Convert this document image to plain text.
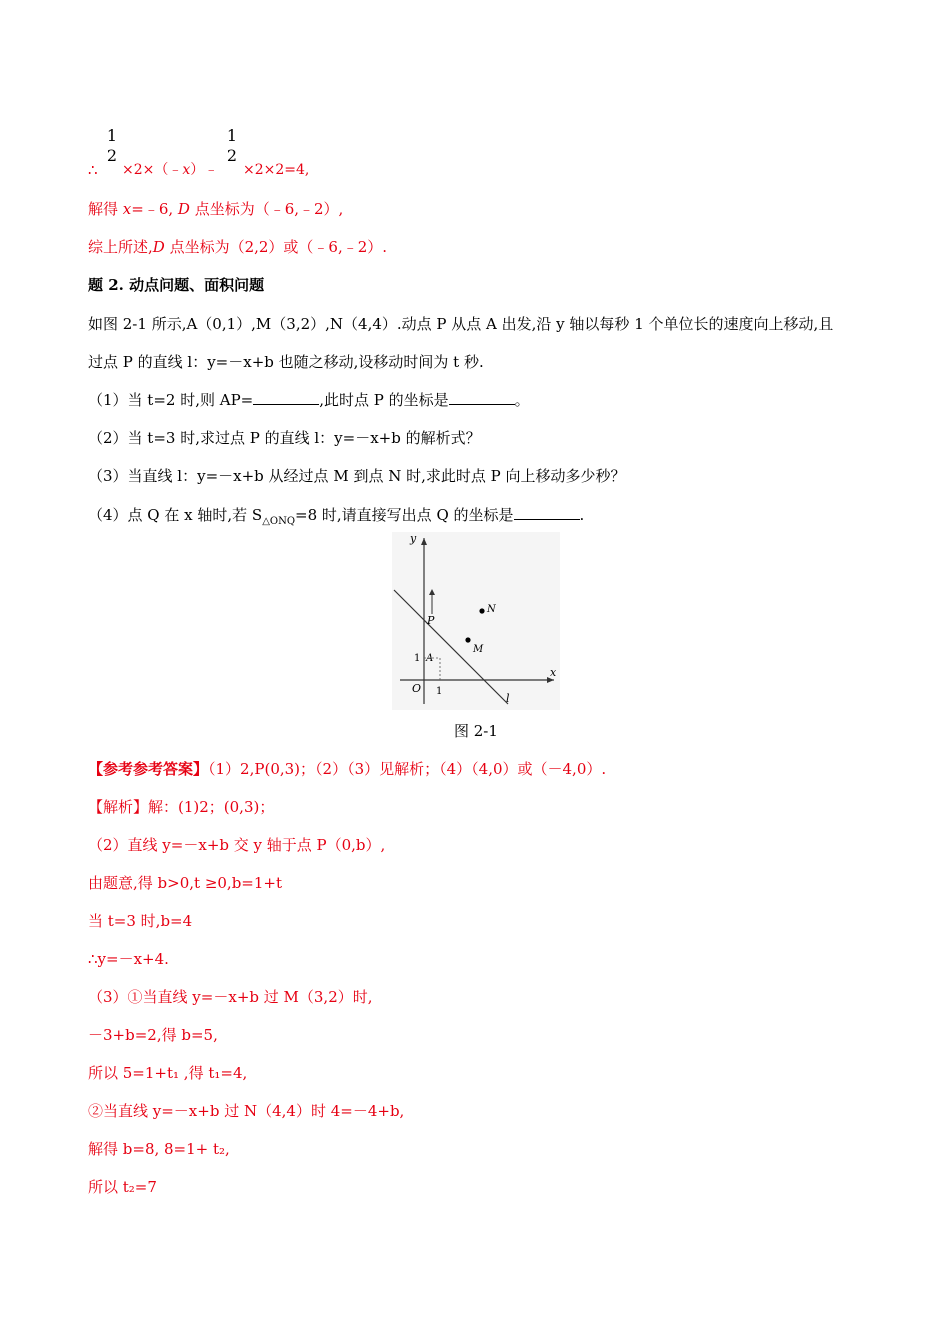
1
2
1
2
∴ ×2×（﹣x）﹣ ×2×2=4,
解得 x=﹣6, D 点坐标为（﹣6,﹣2）,
综上所述,D 点坐标为（2,2）或（﹣6,﹣2）.
题 2. 动点问题、面积问题
如图 2-1 所示,A（0,1）,M（3,2）,N（4,4）.动点 P 从点 A 出发,沿 y 轴以每秒 1 个单位长的速度向上移动,且
过点 P 的直线 l：y=－x+b 也随之移动,设移动时间为 t 秒.
（1）当 t=2 时,则 AP=	,此时点 P 的坐标是	。
（2）当 t=3 时,求过点 P 的直线 l：y=－x+b 的解析式？
（3）当直线 l：y=－x+b 从经过点 M 到点 N 时,求此时点 P 向上移动多少秒？
（4）点 Q 在 x 轴时,若 $S_{\triangle ONQ}=8$ 时,请直接写出点 Q 的坐标是	.
y
x
O 1
1 A
P
M
N
l
图 2-1
【参考参考答案】（1）2,P(0,3)；（2）（3）见解析；（4）（4,0）或（－4,0）.
【解析】解：(1)2；(0,3)；
（2）直线 y=－x+b 交 y 轴于点 P（0,b）,
由题意,得 b>0,t ≥0,b=1+t
当 t=3 时,b=4
∴y=－x+4.
（3）①当直线 y=－x+b 过 M（3,2）时,
－3+b=2,得 b=5,
所以 5=1+t₁ ,得 t₁=4,
②当直线 y=－x+b 过 N（4,4）时 4=－4+b,
解得 b=8, 8=1+ t₂,
所以 t₂=7
